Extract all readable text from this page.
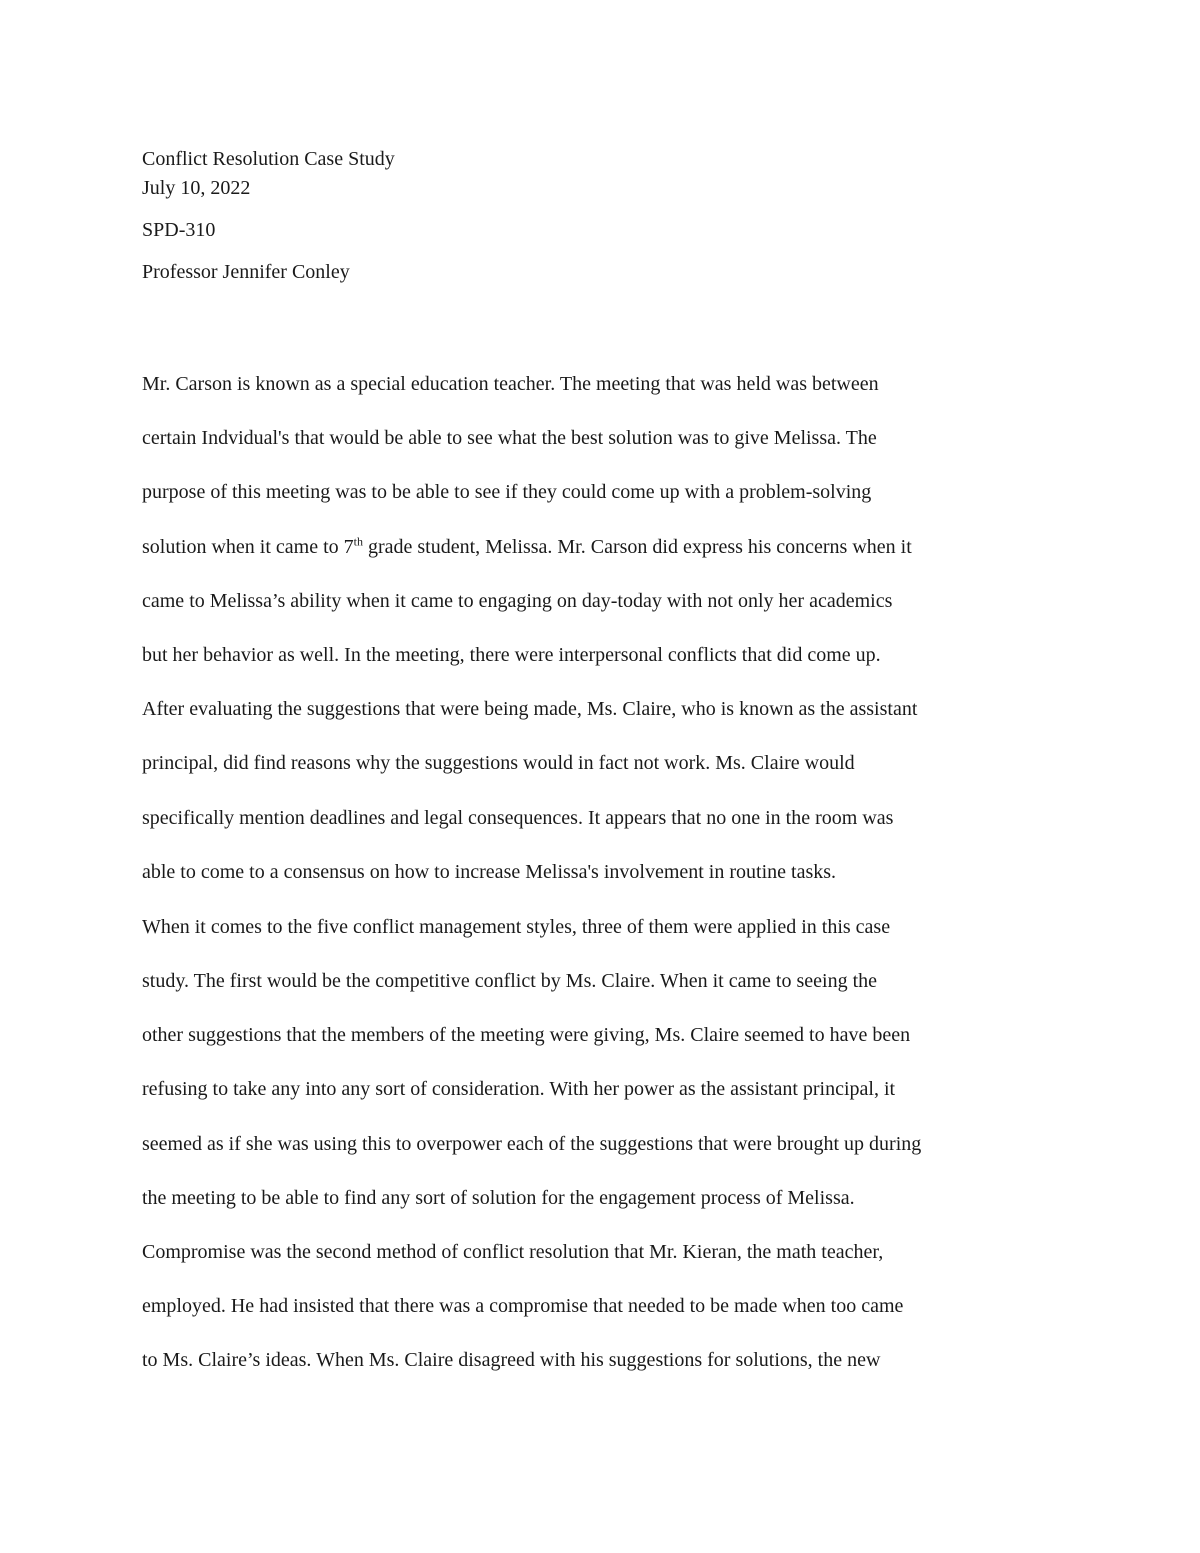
Conflict Resolution Case Study
July 10, 2022
SPD-310
Professor Jennifer Conley
Mr. Carson is known as a special education teacher. The meeting that was held was between
certain Indvidual's that would be able to see what the best solution was to give Melissa. The
purpose of this meeting was to be able to see if they could come up with a problem-solving
solution when it came to 7th grade student, Melissa. Mr. Carson did express his concerns when it
came to Melissa’s ability when it came to engaging on day-today with not only her academics
but her behavior as well. In the meeting, there were interpersonal conflicts that did come up.
After evaluating the suggestions that were being made, Ms. Claire, who is known as the assistant
principal, did find reasons why the suggestions would in fact not work. Ms. Claire would
specifically mention deadlines and legal consequences. It appears that no one in the room was
able to come to a consensus on how to increase Melissa's involvement in routine tasks.
When it comes to the five conflict management styles, three of them were applied in this case
study. The first would be the competitive conflict by Ms. Claire. When it came to seeing the
other suggestions that the members of the meeting were giving, Ms. Claire seemed to have been
refusing to take any into any sort of consideration. With her power as the assistant principal, it
seemed as if she was using this to overpower each of the suggestions that were brought up during
the meeting to be able to find any sort of solution for the engagement process of Melissa.
Compromise was the second method of conflict resolution that Mr. Kieran, the math teacher,
employed. He had insisted that there was a compromise that needed to be made when too came
to Ms. Claire’s ideas. When Ms. Claire disagreed with his suggestions for solutions, the new
